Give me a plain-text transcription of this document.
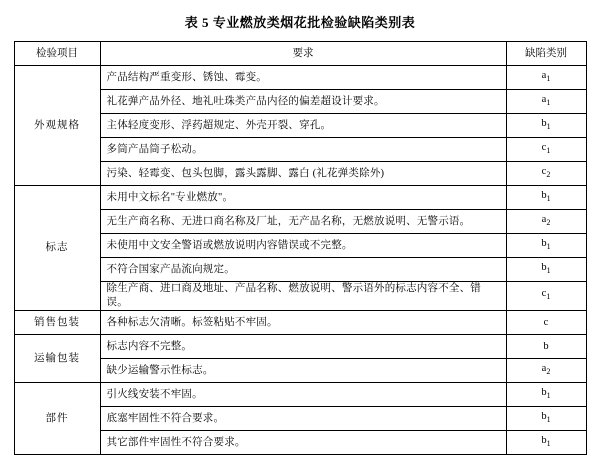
表 5 专业燃放类烟花批检验缺陷类别表
检验项目	要求	缺陷类别
外观规格	产品结构严重变形、锈蚀、霉变。	$a_1$
	礼花弹产品外径、地礼吐珠类产品内径的偏差超设计要求。	$a_1$
	主体轻度变形、浮药超规定、外壳开裂、穿孔。	$b_1$
	多筒产品筒子松动。	$c_1$
	污染、轻霉变、包头包脚，露头露脚、露白 (礼花弹类除外)	$c_2$
标志	未用中文标名"专业燃放"。	$b_1$
	无生产商名称、无进口商名称及厂址，无产品名称，无燃放说明、无警示语。	$a_2$
	未使用中文安全警语或燃放说明内容错误或不完整。	$b_1$
	不符合国家产品流向规定。	$b_1$
	除生产商、进口商及地址、产品名称、燃放说明、警示语外的标志内容不全、错误。	$c_1$
销售包装	各种标志欠清晰。标签粘贴不牢固。	c
运输包装	标志内容不完整。	b
	缺少运输警示性标志。	$a_2$
部件	引火线安装不牢固。	$b_1$
	底塞牢固性不符合要求。	$b_1$
	其它部件牢固性不符合要求。	$b_1$
